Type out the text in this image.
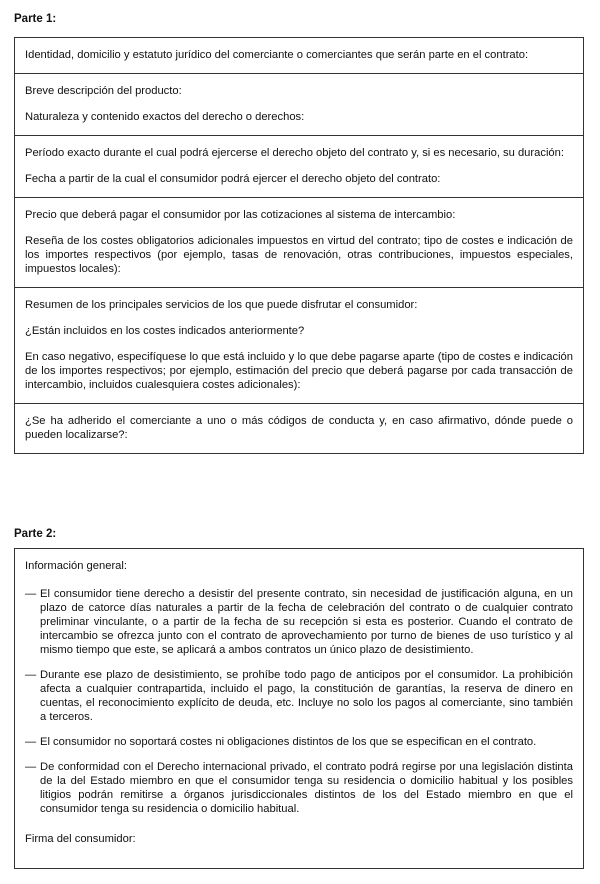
Parte 1:

Identidad, domicilio y estatuto jurídico del comerciante o comerciantes que serán parte en el contrato:

Breve descripción del producto:

Naturaleza y contenido exactos del derecho o derechos:

Período exacto durante el cual podrá ejercerse el derecho objeto del contrato y, si es necesario, su duración:

Fecha a partir de la cual el consumidor podrá ejercer el derecho objeto del contrato:

Precio que deberá pagar el consumidor por las cotizaciones al sistema de intercambio:

Reseña de los costes obligatorios adicionales impuestos en virtud del contrato; tipo de costes e indicación de los importes respectivos (por ejemplo, tasas de renovación, otras contribuciones, impuestos especiales, impuestos locales):

Resumen de los principales servicios de los que puede disfrutar el consumidor:

¿Están incluidos en los costes indicados anteriormente?

En caso negativo, especifíquese lo que está incluido y lo que debe pagarse aparte (tipo de costes e indicación de los importes respectivos; por ejemplo, estimación del precio que deberá pagarse por cada transacción de intercambio, incluidos cualesquiera costes adicionales):

¿Se ha adherido el comerciante a uno o más códigos de conducta y, en caso afirmativo, dónde puede o pueden localizarse?:

Parte 2:

Información general:

— El consumidor tiene derecho a desistir del presente contrato, sin necesidad de justificación alguna, en un plazo de catorce días naturales a partir de la fecha de celebración del contrato o de cualquier contrato preliminar vinculante, o a partir de la fecha de su recepción si esta es posterior. Cuando el contrato de intercambio se ofrezca junto con el contrato de aprovechamiento por turno de bienes de uso turístico y al mismo tiempo que este, se aplicará a ambos contratos un único plazo de desistimiento.
— Durante ese plazo de desistimiento, se prohíbe todo pago de anticipos por el consumidor. La prohibición afecta a cualquier contrapartida, incluido el pago, la constitución de garantías, la reserva de dinero en cuentas, el reconocimiento explícito de deuda, etc. Incluye no solo los pagos al comerciante, sino también a terceros.
— El consumidor no soportará costes ni obligaciones distintos de los que se especifican en el contrato.
— De conformidad con el Derecho internacional privado, el contrato podrá regirse por una legislación distinta de la del Estado miembro en que el consumidor tenga su residencia o domicilio habitual y los posibles litigios podrán remitirse a órganos jurisdiccionales distintos de los del Estado miembro en que el consumidor tenga su residencia o domicilio habitual.

Firma del consumidor:
